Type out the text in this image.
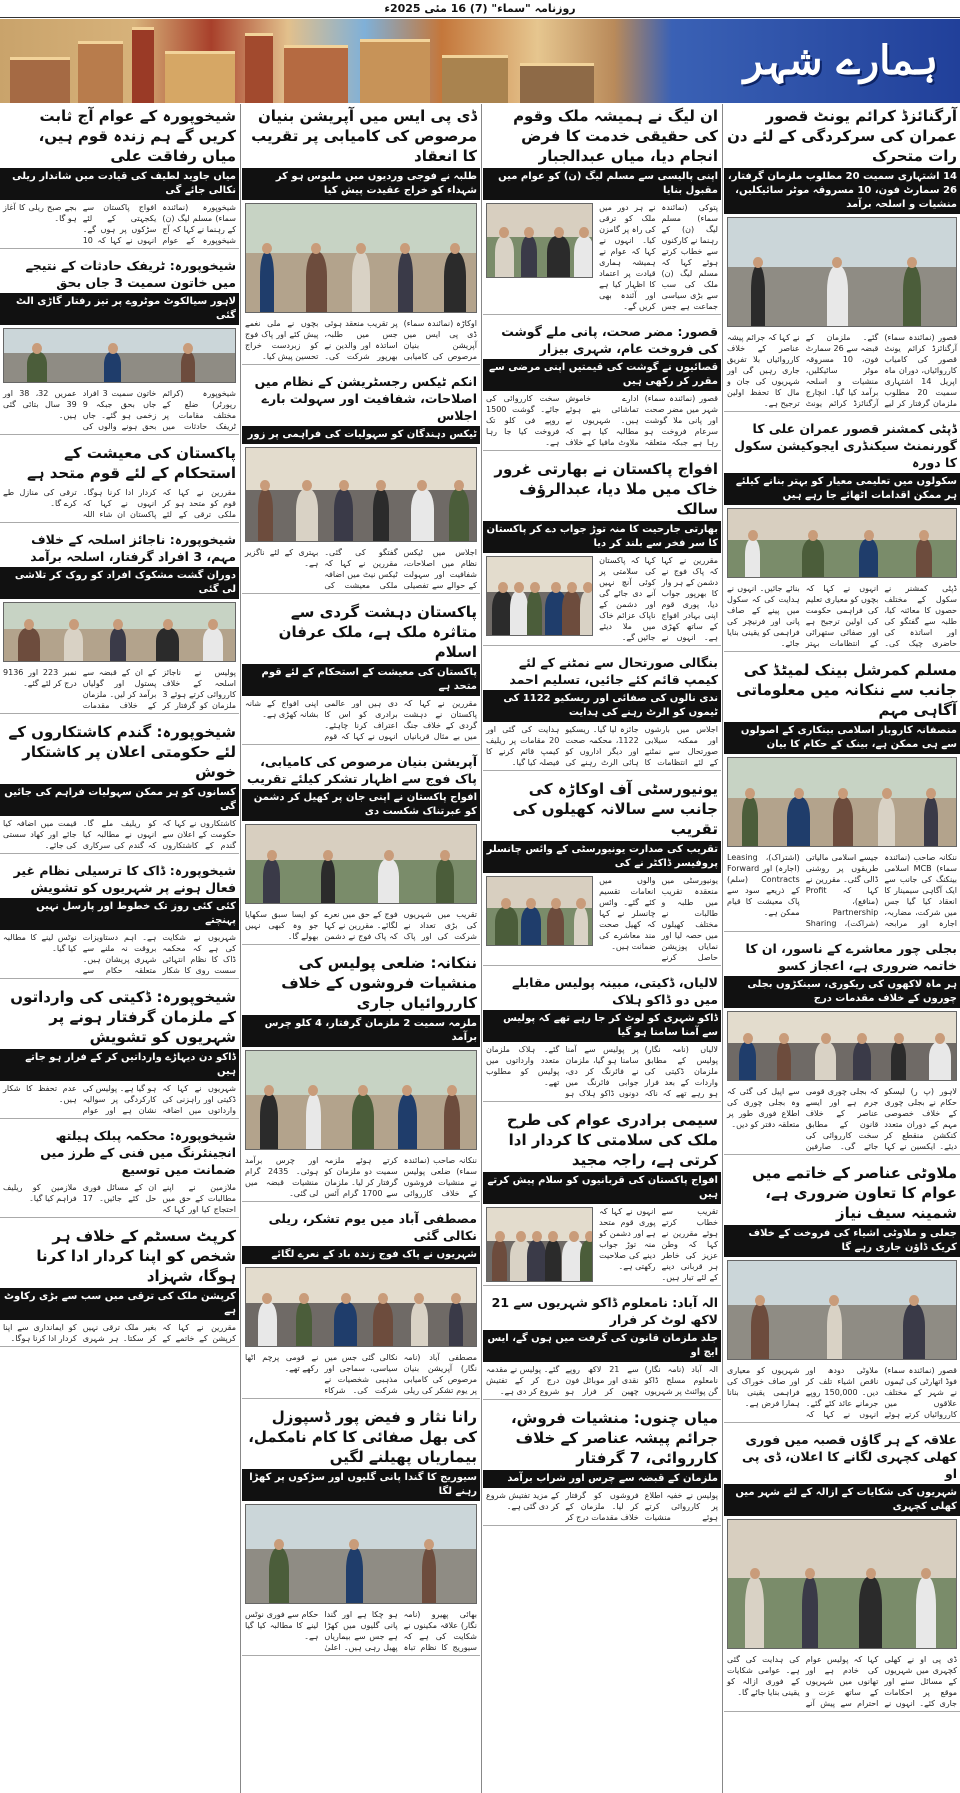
روزنامہ "سماء" (7) 16 مئی 2025ء
ہمارے شہر
آرگنائزڈ کرائم یونٹ قصور عمران کی سرکردگی کے لئے دن رات متحرک
14 اشتہاری سمیت 20 مطلوب ملزمان گرفتار، 26 سمارٹ فون، 10 مسروقہ موٹر سائیکلیں، منشیات و اسلحہ برآمد
قصور (نمائندہ سماء) آرگنائزڈ کرائم یونٹ قصور کی کامیاب کارروائیاں، دوران ماہ اپریل 14 اشتہاری سمیت 20 مطلوب ملزمان گرفتار کر لیے گئے۔ ملزمان کے قبضہ سے 26 سمارٹ فون، 10 مسروقہ موٹر سائیکلیں، منشیات و اسلحہ برآمد کیا گیا۔ انچارج آرگنائزڈ کرائم یونٹ نے کہا کہ جرائم پیشہ عناصر کے خلاف کارروائیاں بلا تفریق جاری رہیں گی اور شہریوں کی جان و مال کا تحفظ اولین ترجیح ہے۔
ڈپٹی کمشنر قصور عمران علی کا گورنمنٹ سیکنڈری ایجوکیشن سکول کا دورہ
سکولوں میں تعلیمی معیار کو بہتر بنانے کیلئے ہر ممکن اقدامات اٹھائے جا رہے ہیں
ڈپٹی کمشنر نے سکول کے مختلف حصوں کا معائنہ کیا، طلبہ سے گفتگو کی اور اساتذہ کی حاضری چیک کی۔ انہوں نے کہا کہ بچوں کو معیاری تعلیم کی فراہمی حکومت کی اولین ترجیح ہے اور صفائی ستھرائی کے انتظامات بہتر بنائے جائیں۔ انہوں نے ہدایت کی کہ سکول میں پینے کے صاف پانی اور فرنیچر کی فراہمی کو یقینی بنایا جائے۔
مسلم کمرشل بینک لمیٹڈ کی جانب سے ننکانہ میں معلوماتی آگاہی مہم
منصفانہ کاروبار اسلامی بینکاری کے اصولوں سے ہی ممکن ہے، بینک کے حکام کا بیان
ننکانہ صاحب (نمائندہ سماء) MCB اسلامی بینکنگ کی جانب سے ایک آگاہی سیمینار کا انعقاد کیا گیا جس میں شرکت، مضاربہ، اجارہ اور مرابحہ جیسے اسلامی مالیاتی طریقوں پر روشنی ڈالی گئی۔ مقررین نے کہا کہ Profit (منافع)، Partnership (شراکت)، Sharing (اشتراک)، Leasing (اجارہ) اور Forward Contracts (سلم) کے ذریعے سود سے پاک معیشت کا قیام ممکن ہے۔
بجلی چور معاشرے کے ناسور، ان کا خاتمہ ضروری ہے، اعجاز کسو
ہر ماہ لاکھوں کی ریکوری، سینکڑوں بجلی چوروں کے خلاف مقدمات درج
لاہور (پ ر) لیسکو حکام نے بجلی چوری کے خلاف خصوصی مہم کے دوران متعدد کنکشن منقطع کر دیئے۔ ایکسین نے کہا کہ بجلی چوری قومی جرم ہے اور ایسے عناصر کے خلاف قانون کے مطابق سخت کارروائی کی جائے گی۔ صارفین سے اپیل کی گئی کہ وہ بجلی چوری کی اطلاع فوری طور پر متعلقہ دفتر کو دیں۔
ملاوٹی عناصر کے خاتمے میں عوام کا تعاون ضروری ہے، شمینہ سیف نیاز
جعلی و ملاوٹی اشیاء کی فروخت کے خلاف کریک ڈاؤن جاری رہے گا
قصور (نمائندہ سماء) فوڈ اتھارٹی کی ٹیموں نے شہر کے مختلف علاقوں میں کارروائیاں کرتے ہوئے ملاوٹی دودھ اور ناقص اشیاء تلف کر دیں۔ 150,000 روپے جرمانے عائد کئے گئے۔ انہوں نے کہا کہ شہریوں کو معیاری اور صاف خوراک کی فراہمی یقینی بنانا ہمارا فرض ہے۔
علاقہ کے ہر گاؤں قصبہ میں فوری کھلی کچہری لگانے کا اعلان، ڈی پی او
شہریوں کی شکایات کے ازالہ کے لئے شہر میں کھلی کچہری
ڈی پی او نے کھلی کچہری میں شہریوں کے مسائل سنے اور موقع پر احکامات جاری کئے۔ انہوں نے کہا کہ پولیس عوام کی خادم ہے اور تھانوں میں شہریوں کے ساتھ عزت و احترام سے پیش آنے کی ہدایت کی گئی ہے۔ عوامی شکایات کے فوری ازالہ کو یقینی بنایا جائے گا۔
ان لیگ نے ہمیشہ ملک وقوم کی حقیقی خدمت کا فرض انجام دیا، میاں عبدالجبار
اپنی پالیسی سے مسلم لیگ (ن) کو عوام میں مقبول بنایا
پتوکی (نمائندہ سماء) مسلم لیگ (ن) کے رہنما نے کارکنوں سے خطاب کرتے ہوئے کہا کہ مسلم لیگ (ن) ملک کی سب سے بڑی سیاسی جماعت ہے جس نے ہر دور میں ملک کو ترقی کی راہ پر گامزن کیا۔ انہوں نے کہا کہ عوام نے ہمیشہ ہماری قیادت پر اعتماد کا اظہار کیا ہے اور آئندہ بھی کریں گے۔
قصور: مضر صحت، پانی ملے گوشت کی فروخت عام، شہری بیزار
قصائیوں نے گوشت کی قیمتیں اپنی مرضی سے مقرر کر رکھی ہیں
قصور (نمائندہ سماء) شہر میں مضر صحت اور پانی ملا گوشت سرعام فروخت ہو رہا ہے جبکہ متعلقہ ادارے خاموش تماشائی بنے ہوئے ہیں۔ شہریوں نے مطالبہ کیا ہے کہ ملاوٹ مافیا کے خلاف سخت کارروائی کی جائے۔ گوشت 1500 روپے فی کلو تک فروخت کیا جا رہا ہے۔
افواج پاکستان نے بھارتی غرور خاک میں ملا دیا، عبدالرؤف سالک
بھارتی جارحیت کا منہ توڑ جواب دے کر پاکستان کا سر فخر سے بلند کر دیا
مقررین نے کہا کہ پاک فوج نے دشمن کے ہر وار کا بھرپور جواب دیا، پوری قوم اپنی بہادر افواج کے ساتھ کھڑی ہے۔ انہوں نے کہا کہ پاکستان کی سلامتی پر کوئی آنچ نہیں آنے دی جائے گی اور دشمن کے ناپاک عزائم خاک میں ملا دیئے جائیں گے۔
بنگالی صورتحال سے نمٹنے کے لئے کیمپ قائم کئے جائیں، تسلیم احمد
ندی نالوں کی صفائی اور ریسکیو 1122 کی ٹیموں کو الرٹ رہنے کی ہدایت
اجلاس میں بارشوں اور ممکنہ سیلابی صورتحال سے نمٹنے کے لئے انتظامات کا جائزہ لیا گیا۔ ریسکیو 1122، محکمہ صحت اور دیگر اداروں کو ہائی الرٹ رہنے کی ہدایت کی گئی اور 20 مقامات پر ریلیف کیمپ قائم کرنے کا فیصلہ کیا گیا۔
یونیورسٹی آف اوکاڑہ کی جانب سے سالانہ کھیلوں کی تقریب
تقریب کی صدارت یونیورسٹی کے وائس چانسلر پروفیسر ڈاکٹر نے کی
یونیورسٹی میں منعقدہ تقریب میں طلبہ و طالبات نے مختلف کھیلوں میں حصہ لیا اور نمایاں پوزیشن حاصل کرنے والوں میں انعامات تقسیم کئے گئے۔ وائس چانسلر نے کہا کہ کھیل صحت مند معاشرے کی ضمانت ہیں۔
لالیاں، ڈکیتی، مبینہ پولیس مقابلے میں دو ڈاکو ہلاک
ڈاکو شہری کو لوٹ کر جا رہے تھے کہ پولیس سے آمنا سامنا ہو گیا
لالیاں (نامہ نگار) پولیس کے مطابق ملزمان ڈکیتی کی واردات کے بعد فرار ہو رہے تھے کہ ناکہ پر پولیس سے آمنا سامنا ہو گیا، ملزمان نے فائرنگ کر دی، جوابی فائرنگ میں دونوں ڈاکو ہلاک ہو گئے۔ ہلاک ملزمان متعدد وارداتوں میں پولیس کو مطلوب تھے۔
سیمی برادری عوام کی طرح ملک کی سلامتی کا کردار ادا کرتی ہے، راجہ مجید
افواج پاکستان کی قربانیوں کو سلام پیش کرتے ہیں
تقریب سے خطاب کرتے ہوئے مقررین نے کہا کہ وطن عزیز کی خاطر ہر قربانی دینے کے لئے تیار ہیں۔ انہوں نے کہا کہ پوری قوم متحد ہے اور دشمن کو منہ توڑ جواب دینے کی صلاحیت رکھتی ہے۔
الہ آباد: نامعلوم ڈاکو شہریوں سے 21 لاکھ لوٹ کر فرار
جلد ملزمان قانون کی گرفت میں ہوں گے، ایس ایچ او
الہ آباد (نامہ نگار) نامعلوم مسلح ڈاکو گن پوائنٹ پر شہریوں سے 21 لاکھ روپے نقدی اور موبائل فون چھین کر فرار ہو گئے۔ پولیس نے مقدمہ درج کر کے تفتیش شروع کر دی ہے۔
میاں چنوں: منشیات فروش، جرائم پیشہ عناصر کے خلاف کارروائی، 7 گرفتار
ملزمان کے قبضہ سے چرس اور شراب برآمد
پولیس نے خفیہ اطلاع پر کارروائی کرتے ہوئے منشیات فروشوں کو گرفتار کر لیا۔ ملزمان کے خلاف مقدمات درج کر کے مزید تفتیش شروع کر دی گئی ہے۔
ڈی پی ایس میں آپریشن بنیان مرصوص کی کامیابی پر تقریب کا انعقاد
طلبہ نے فوجی وردیوں میں ملبوس ہو کر شہداء کو خراج عقیدت پیش کیا
اوکاڑہ (نمائندہ سماء) ڈی پی ایس میں آپریشن بنیان مرصوص کی کامیابی پر تقریب منعقد ہوئی جس میں طلبہ، اساتذہ اور والدین نے بھرپور شرکت کی۔ بچوں نے ملی نغمے پیش کئے اور پاک فوج کو زبردست خراج تحسین پیش کیا۔
انکم ٹیکس رجسٹریشن کے نظام میں اصلاحات، شفافیت اور سہولت بارے اجلاس
ٹیکس دہندگان کو سہولیات کی فراہمی پر زور
اجلاس میں ٹیکس نظام میں اصلاحات، شفافیت اور سہولت کے حوالے سے تفصیلی گفتگو کی گئی۔ مقررین نے کہا کہ ٹیکس نیٹ میں اضافہ ملکی معیشت کی بہتری کے لئے ناگزیر ہے۔
پاکستان دہشت گردی سے متاثرہ ملک ہے، ملک عرفان اسلام
پاکستان کی معیشت کے استحکام کے لئے قوم متحد ہے
مقررین نے کہا کہ پاکستان نے دہشت گردی کے خلاف جنگ میں بے مثال قربانیاں دی ہیں اور عالمی برادری کو اس کا اعتراف کرنا چاہئے۔ انہوں نے کہا کہ قوم اپنی افواج کے شانہ بشانہ کھڑی ہے۔
آپریشن بنیان مرصوص کی کامیابی، پاک فوج سے اظہار تشکر کیلئے تقریب
افواج پاکستان نے اپنی جان پر کھیل کر دشمن کو عبرتناک شکست دی
تقریب میں شہریوں کی بڑی تعداد نے شرکت کی اور پاک فوج کے حق میں نعرے لگائے۔ مقررین نے کہا کہ پاک فوج نے دشمن کو ایسا سبق سکھایا جو وہ کبھی نہیں بھولے گا۔
ننکانہ: ضلعی پولیس کی منشیات فروشوں کے خلاف کارروائیاں جاری
ملزمہ سمیت 2 ملزمان گرفتار، 4 کلو چرس برآمد
ننکانہ صاحب (نمائندہ سماء) ضلعی پولیس نے منشیات فروشوں کے خلاف کارروائی کرتے ہوئے ملزمہ سمیت دو ملزمان کو گرفتار کر لیا۔ ملزمان سے 1700 گرام آئس اور چرس برآمد ہوئی۔ 2435 گرام منشیات قبضہ میں لی گئی۔
مصطفی آباد میں یوم تشکر، ریلی نکالی گئی
شہریوں نے پاک فوج زندہ باد کے نعرے لگائے
مصطفی آباد (نامہ نگار) آپریشن بنیان مرصوص کی کامیابی پر یوم تشکر کی ریلی نکالی گئی جس میں سیاسی، سماجی اور مذہبی شخصیات نے شرکت کی۔ شرکاء نے قومی پرچم اٹھا رکھے تھے۔
رانا نثار و فیض پور ڈسپوزل کی بھل صفائی کا کام نامکمل، بیماریاں پھیلنے لگیں
سیوریج کا گندا پانی گلیوں اور سڑکوں پر کھڑا رہنے لگا
بھائی پھیرو (نامہ نگار) علاقہ مکینوں نے شکایت کی ہے کہ سیوریج کا نظام تباہ ہو چکا ہے اور گندا پانی گلیوں میں کھڑا ہے جس سے بیماریاں پھیل رہی ہیں۔ اعلیٰ حکام سے فوری نوٹس لینے کا مطالبہ کیا گیا ہے۔
شیخوپورہ کے عوام آج ثابت کریں گے ہم زندہ قوم ہیں، میاں رفاقت علی
میاں جاوید لطیف کی قیادت میں شاندار ریلی نکالی جائے گی
شیخوپورہ (نمائندہ سماء) مسلم لیگ (ن) کے رہنما نے کہا کہ آج شیخوپورہ کے عوام افواج پاکستان سے یکجہتی کے لئے سڑکوں پر ہوں گے۔ انہوں نے کہا کہ 10 بجے صبح ریلی کا آغاز ہو گا۔
شیخوپورہ: ٹریفک حادثات کے نتیجے میں خاتون سمیت 3 جاں بحق
لاہور سیالکوٹ موٹروے پر تیز رفتار گاڑی الٹ گئی
شیخوپورہ (کرائم رپورٹر) ضلع کے مختلف مقامات پر ٹریفک حادثات میں خاتون سمیت 3 افراد جاں بحق جبکہ 9 زخمی ہو گئے۔ جاں بحق ہونے والوں کی عمریں 32، 38 اور 39 سال بتائی گئی ہیں۔
پاکستان کی معیشت کے استحکام کے لئے قوم متحد ہے
مقررین نے کہا کہ قوم کو متحد ہو کر ملکی ترقی کے لئے کردار ادا کرنا ہوگا۔ انہوں نے کہا کہ پاکستان ان شاء اللہ ترقی کی منازل طے کرے گا۔
شیخوپورہ: ناجائز اسلحہ کے خلاف مہم، 3 افراد گرفتار، اسلحہ برآمد
دوران گشت مشکوک افراد کو روک کر تلاشی لی گئی
پولیس نے ناجائز اسلحہ کے خلاف کارروائی کرتے ہوئے 3 ملزمان کو گرفتار کر کے ان کے قبضہ سے پستول اور گولیاں برآمد کر لیں۔ ملزمان کے خلاف مقدمات نمبر 223 اور 9136 درج کر لئے گئے۔
شیخوپورہ: گندم کاشتکاروں کے لئے حکومتی اعلان پر کاشتکار خوش
کسانوں کو ہر ممکن سہولیات فراہم کی جائیں گی
کاشتکاروں نے کہا کہ حکومت کے اعلان سے گندم کے کاشتکاروں کو ریلیف ملے گا۔ انہوں نے مطالبہ کیا کہ گندم کی سرکاری قیمت میں اضافہ کیا جائے اور کھاد سستی کی جائے۔
شیخوپورہ: ڈاک کا ترسیلی نظام غیر فعال ہونے پر شہریوں کو تشویش
کئی کئی روز تک خطوط اور پارسل نہیں پہنچتے
شہریوں نے شکایت کی ہے کہ محکمہ ڈاک کا نظام انتہائی سست روی کا شکار ہے۔ اہم دستاویزات بروقت نہ ملنے سے شہری پریشان ہیں۔ متعلقہ حکام سے نوٹس لینے کا مطالبہ کیا گیا۔
شیخوپورہ: ڈکیتی کی وارداتوں کے ملزمان گرفتار ہونے پر شہریوں کو تشویش
ڈاکو دن دیہاڑے وارداتیں کر کے فرار ہو جاتے ہیں
شہریوں نے کہا کہ ڈکیتی اور راہزنی کی وارداتوں میں اضافہ ہو گیا ہے۔ پولیس کی کارکردگی پر سوالیہ نشان ہے اور عوام عدم تحفظ کا شکار ہیں۔
شیخوپورہ: محکمہ پبلک ہیلتھ انجینئرنگ میں فنی کے طرز میں ضمانت میں توسیع
ملازمین نے اپنے مطالبات کے حق میں احتجاج کیا اور کہا کہ ان کے مسائل فوری حل کئے جائیں۔ 17 ملازمین کو ریلیف فراہم کیا گیا۔
کرپٹ سسٹم کے خلاف ہر شخص کو اپنا کردار ادا کرنا ہوگا، شہزاد
کرپشن ملک کی ترقی میں سب سے بڑی رکاوٹ ہے
مقررین نے کہا کہ کرپشن کے خاتمے کے بغیر ملک ترقی نہیں کر سکتا۔ ہر شہری کو ایمانداری سے اپنا کردار ادا کرنا ہوگا۔
